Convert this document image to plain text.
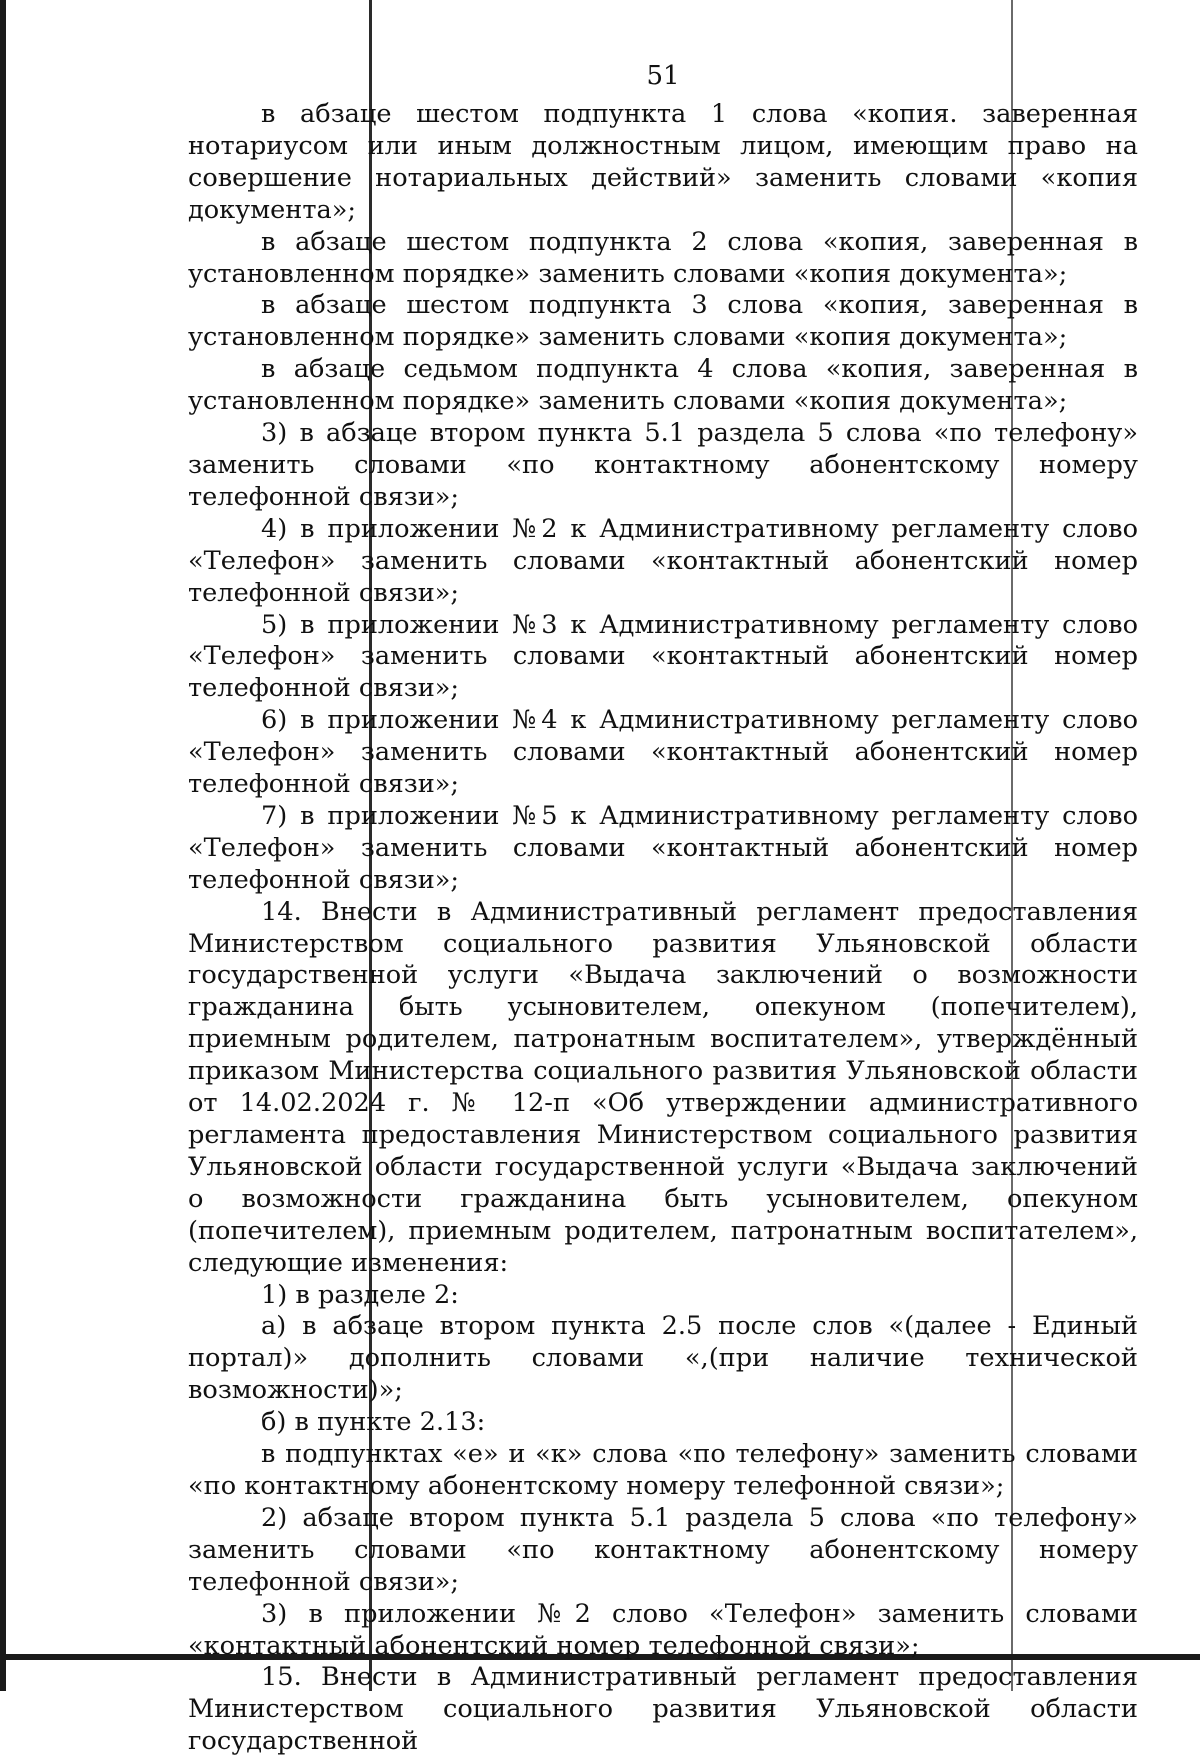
51

в абзаце шестом подпункта 1 слова «копия. заверенная нотариусом или иным должностным лицом, имеющим право на совершение нотариальных действий» заменить словами «копия документа»;

в абзаце шестом подпункта 2 слова «копия, заверенная в установленном порядке» заменить словами «копия документа»;

в абзаце шестом подпункта 3 слова «копия, заверенная в установленном порядке» заменить словами «копия документа»;

в абзаце седьмом подпункта 4 слова «копия, заверенная в установленном порядке» заменить словами «копия документа»;

3) в абзаце втором пункта 5.1 раздела 5 слова «по телефону» заменить словами «по контактному абонентскому номеру телефонной связи»;

4) в приложении №2 к Административному регламенту слово «Телефон» заменить словами «контактный абонентский номер телефонной связи»;

5) в приложении №3 к Административному регламенту слово «Телефон» заменить словами «контактный абонентский номер телефонной связи»;

6) в приложении №4 к Административному регламенту слово «Телефон» заменить словами «контактный абонентский номер телефонной связи»;

7) в приложении №5 к Административному регламенту слово «Телефон» заменить словами «контактный абонентский номер телефонной связи»;

14. Внести в Административный регламент предоставления Министерством социального развития Ульяновской области государственной услуги «Выдача заключений о возможности гражданина быть усыновителем, опекуном (попечителем), приемным родителем, патронатным воспитателем», утверждённый приказом Министерства социального развития Ульяновской области от 14.02.2024 г. № 12-п «Об утверждении административного регламента предоставления Министерством социального развития Ульяновской области государственной услуги «Выдача заключений о возможности гражданина быть усыновителем, опекуном (попечителем), приемным родителем, патронатным воспитателем», следующие изменения:

1) в разделе 2:

а) в абзаце втором пункта 2.5 после слов «(далее - Единый портал)» дополнить словами «,(при наличие технической возможности)»;

б) в пункте 2.13:

в подпунктах «е» и «к» слова «по телефону» заменить словами «по контактному абонентскому номеру телефонной связи»;

2) абзаце втором пункта 5.1 раздела 5 слова «по телефону» заменить словами «по контактному абонентскому номеру телефонной связи»;

3) в приложении №2 слово «Телефон» заменить словами «контактный абонентский номер телефонной связи»;

15. Внести в Административный регламент предоставления Министерством социального развития Ульяновской области государственной
